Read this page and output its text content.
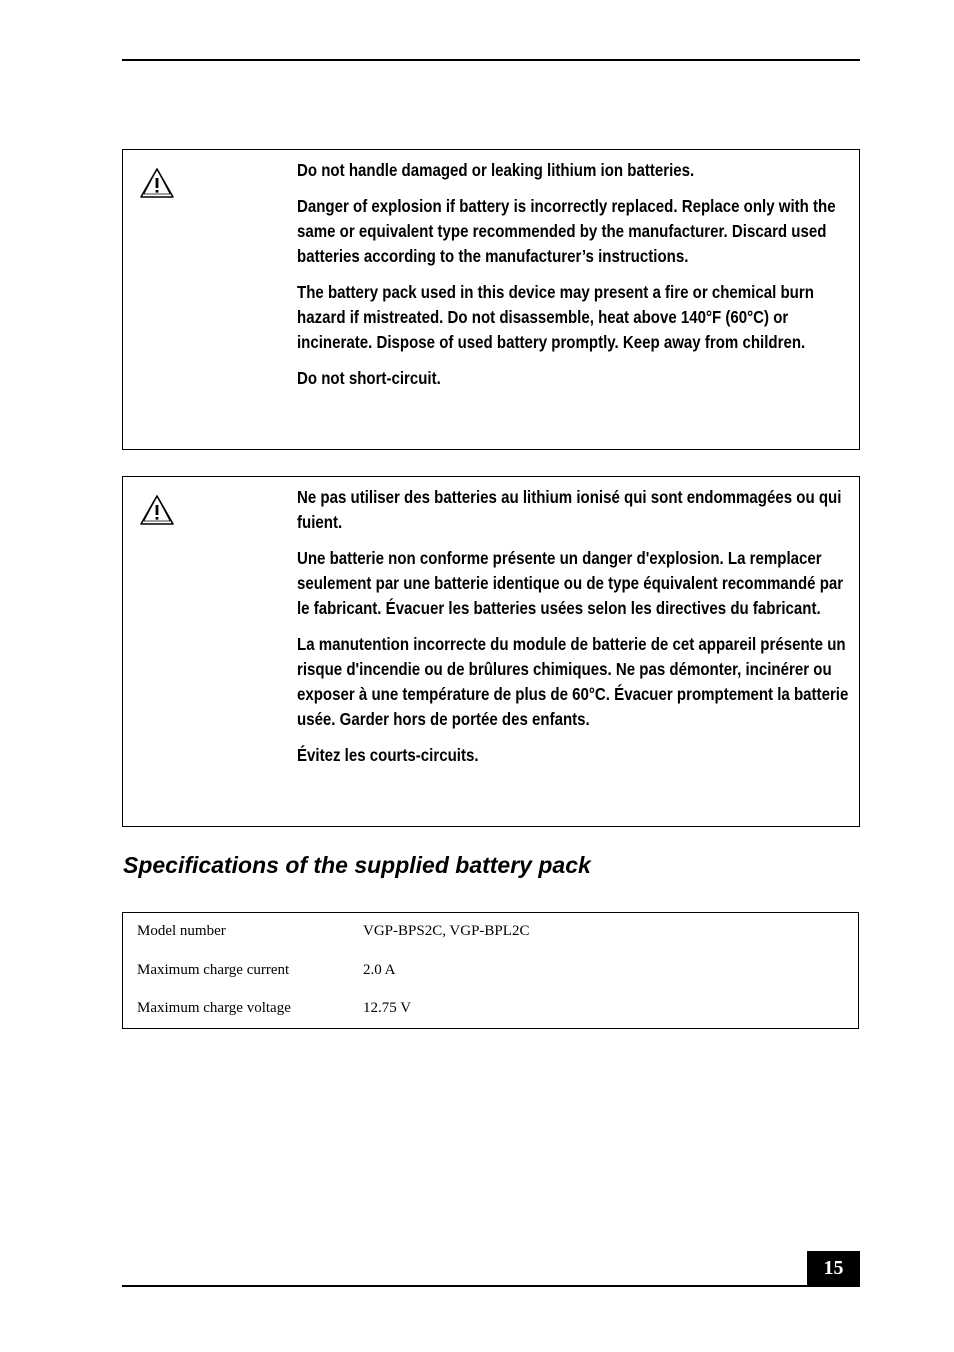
Do not handle damaged or leaking lithium ion batteries.

Danger of explosion if battery is incorrectly replaced. Replace only with the same or equivalent type recommended by the manufacturer. Discard used batteries according to the manufacturer’s instructions.

The battery pack used in this device may present a fire or chemical burn hazard if mistreated. Do not disassemble, heat above 140°F (60°C) or incinerate. Dispose of used battery promptly. Keep away from children.

Do not short-circuit.

Ne pas utiliser des batteries au lithium ionisé qui sont endommagées ou qui fuient.

Une batterie non conforme présente un danger d'explosion. La remplacer seulement par une batterie identique ou de type équivalent recommandé par le fabricant. Évacuer les batteries usées selon les directives du fabricant.

La manutention incorrecte du module de batterie de cet appareil présente un risque d'incendie ou de brûlures chimiques. Ne pas démonter, incinérer ou exposer à une température de plus de 60°C. Évacuer promptement la batterie usée. Garder hors de portée des enfants.

Évitez les courts-circuits.

Specifications of the supplied battery pack
Model number	VGP-BPS2C, VGP-BPL2C
Maximum charge current	2.0 A
Maximum charge voltage	12.75 V
15
